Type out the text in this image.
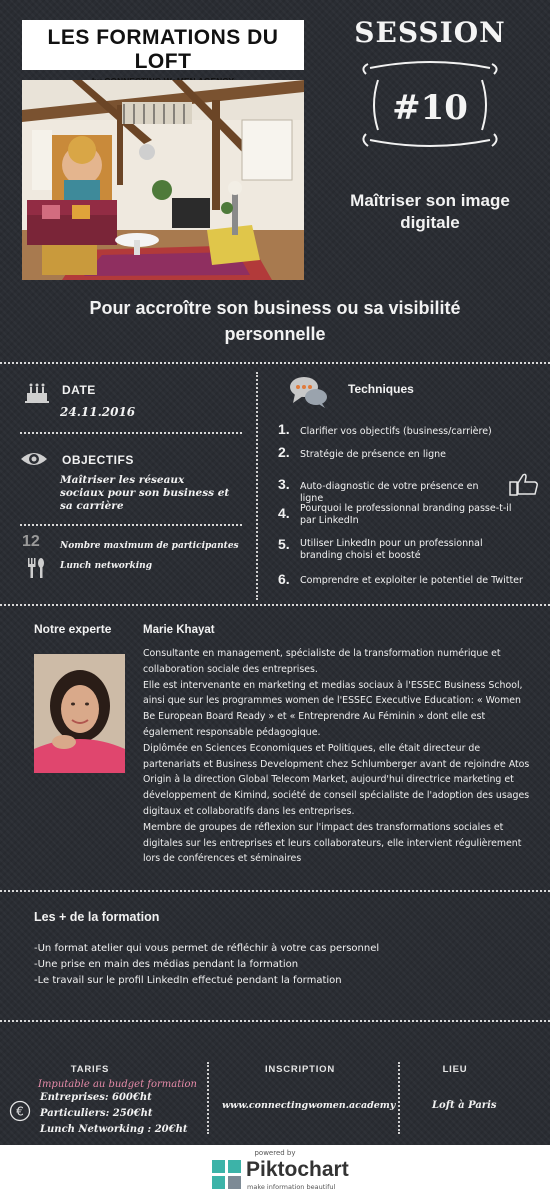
LES FORMATIONS DU LOFT
SESSION
#10
Maîtriser son image digitale
Pour accroître son business ou sa visibilité personnelle
DATE
24.11.2016
OBJECTIFS
Maîtriser les réseaux sociaux pour son business et sa carrière
12 Nombre maximum de participantes
Lunch networking
Techniques
1.	Clarifier vos objectifs (business/carrière)
2.	Stratégie de présence en ligne
3.	Auto-diagnostic de votre présence en ligne
4.	Pourquoi le professionnal branding passe-t-il par LinkedIn
5.	Utiliser LinkedIn pour un professionnal branding choisi et boosté
6.	Comprendre et exploiter le potentiel de Twitter
Notre experte	Marie Khayat
Consultante en management, spécialiste de la transformation numérique et collaboration sociale des entreprises.
Elle est intervenante en marketing et medias sociaux à l'ESSEC Business School, ainsi que sur les programmes women de l'ESSEC Executive Education: « Women Be European Board Ready » et « Entreprendre Au Féminin » dont elle est également responsable pédagogique.
Diplômée en Sciences Economiques et Politiques, elle était directeur de partenariats et Business Development chez Schlumberger avant de rejoindre Atos Origin à la direction Global Telecom Market, aujourd'hui directrice marketing et développement de Kimind, société de conseil spécialiste de l'adoption des usages digitaux et collaboratifs dans les entreprises.
Membre de groupes de réflexion sur l'impact des transformations sociales et digitales sur les entreprises et leurs collaborateurs, elle intervient régulièrement lors de conférences et séminaires
Les + de la formation
-Un format atelier qui vous permet de réfléchir à votre cas personnel
-Une prise en main des médias pendant la formation
-Le travail sur le profil LinkedIn effectué pendant la formation
TARIFS
Imputable au budget formation
€
Entreprises: 600€ht
Particuliers: 250€ht
Lunch Networking : 20€ht
INSCRIPTION
www.connectingwomen.academy
LIEU
Loft à Paris
powered by
Piktochart
make information beautiful
